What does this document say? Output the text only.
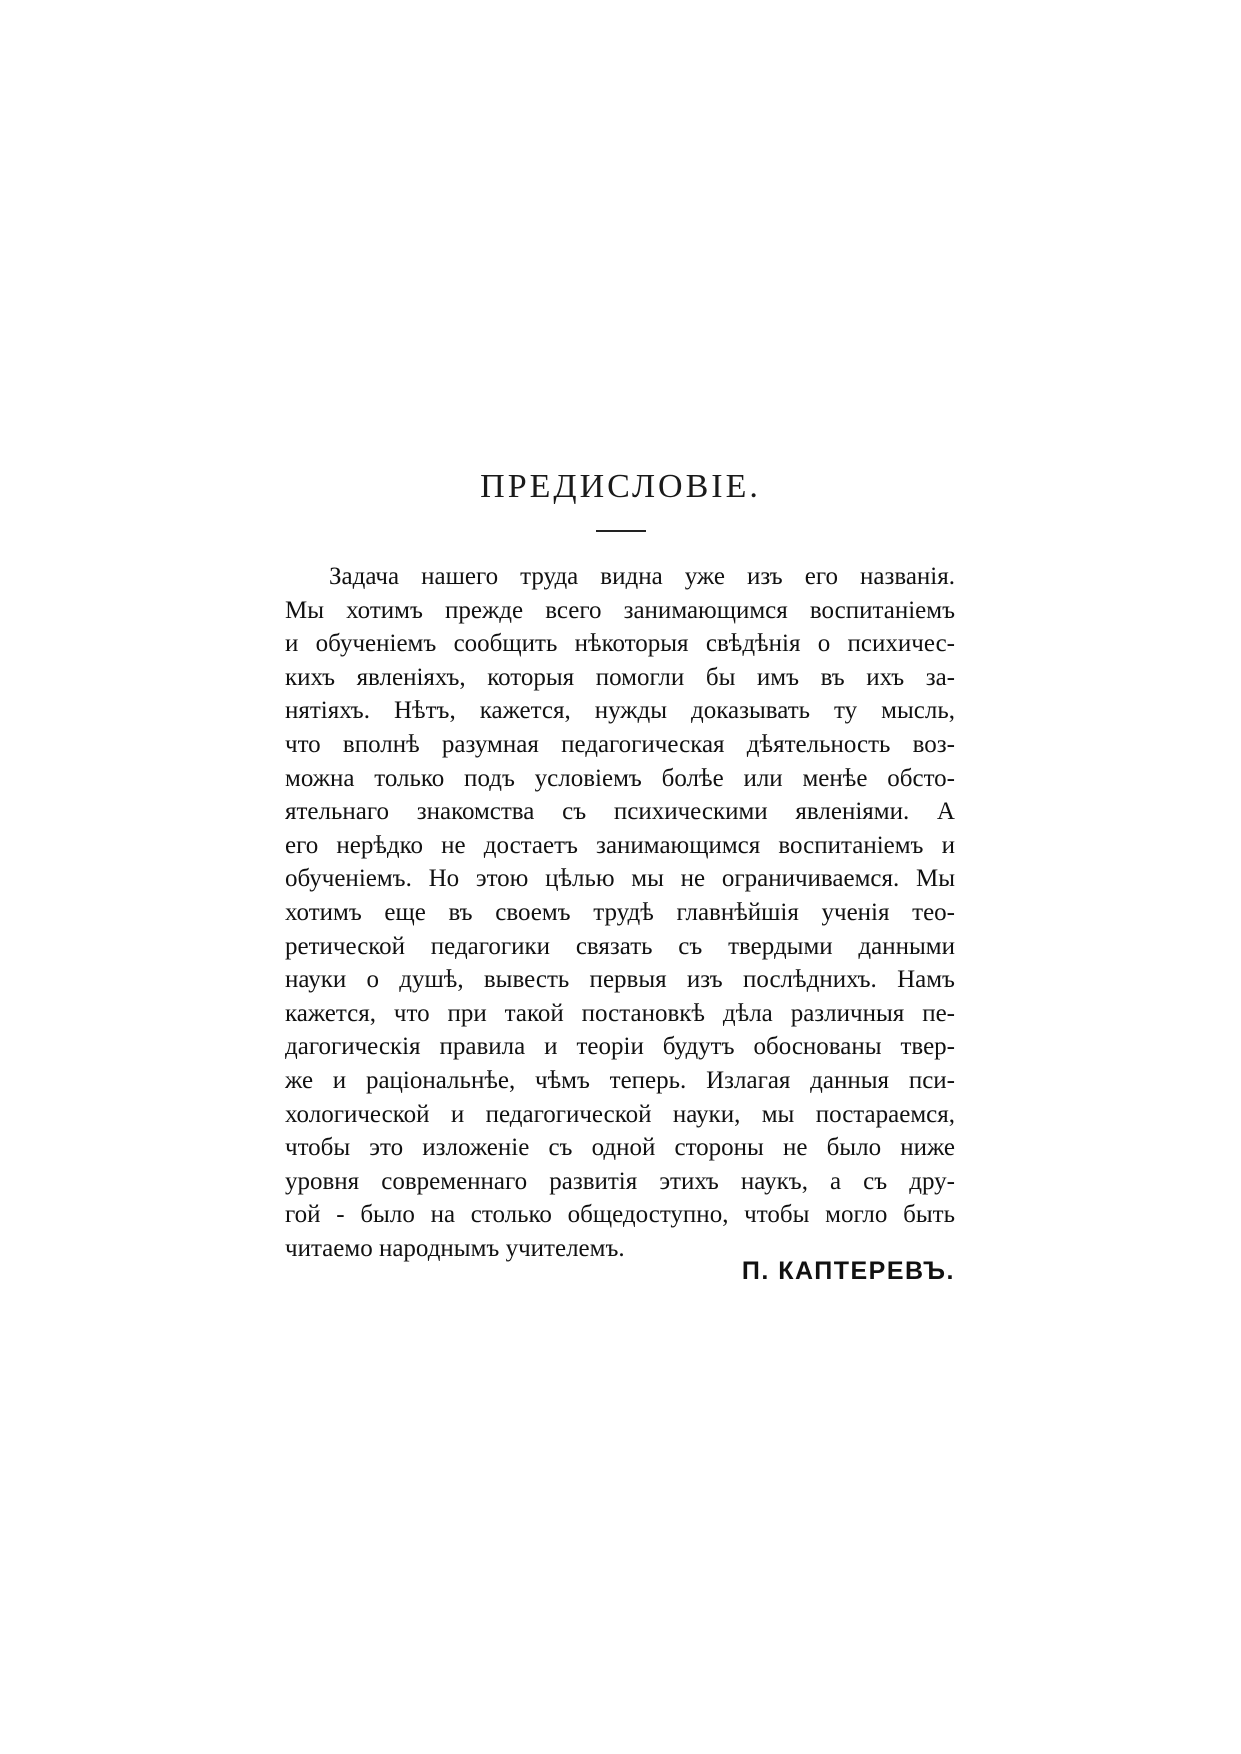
ПРЕДИСЛОВІЕ.
Задача нашего труда видна уже изъ его названія.
Мы хотимъ прежде всего занимающимся воспитаніемъ
и обученіемъ сообщить нѣкоторыя свѣдѣнія о психичес-
кихъ явленіяхъ, которыя помогли бы имъ въ ихъ за-
нятіяхъ. Нѣтъ, кажется, нужды доказывать ту мысль,
что вполнѣ разумная педагогическая дѣятельность воз-
можна только подъ условіемъ болѣе или менѣе обсто-
ятельнаго знакомства съ психическими явленіями. А
его нерѣдко не достаетъ занимающимся воспитаніемъ и
обученіемъ. Но этою цѣлью мы не ограничиваемся. Мы
хотимъ еще въ своемъ трудѣ главнѣйшія ученія тео-
ретической педагогики связать съ твердыми данными
науки о душѣ, вывесть первыя изъ послѣднихъ. Намъ
кажется, что при такой постановкѣ дѣла различныя пе-
дагогическія правила и теоріи будутъ обоснованы твер-
же и раціональнѣе, чѣмъ теперь. Излагая данныя пси-
хологической и педагогической науки, мы постараемся,
чтобы это изложеніе съ одной стороны не было ниже
уровня современнаго развитія этихъ наукъ, а съ дру-
гой - было на столько общедоступно, чтобы могло быть
читаемо народнымъ учителемъ.
П. КАПТЕРЕВЪ.
